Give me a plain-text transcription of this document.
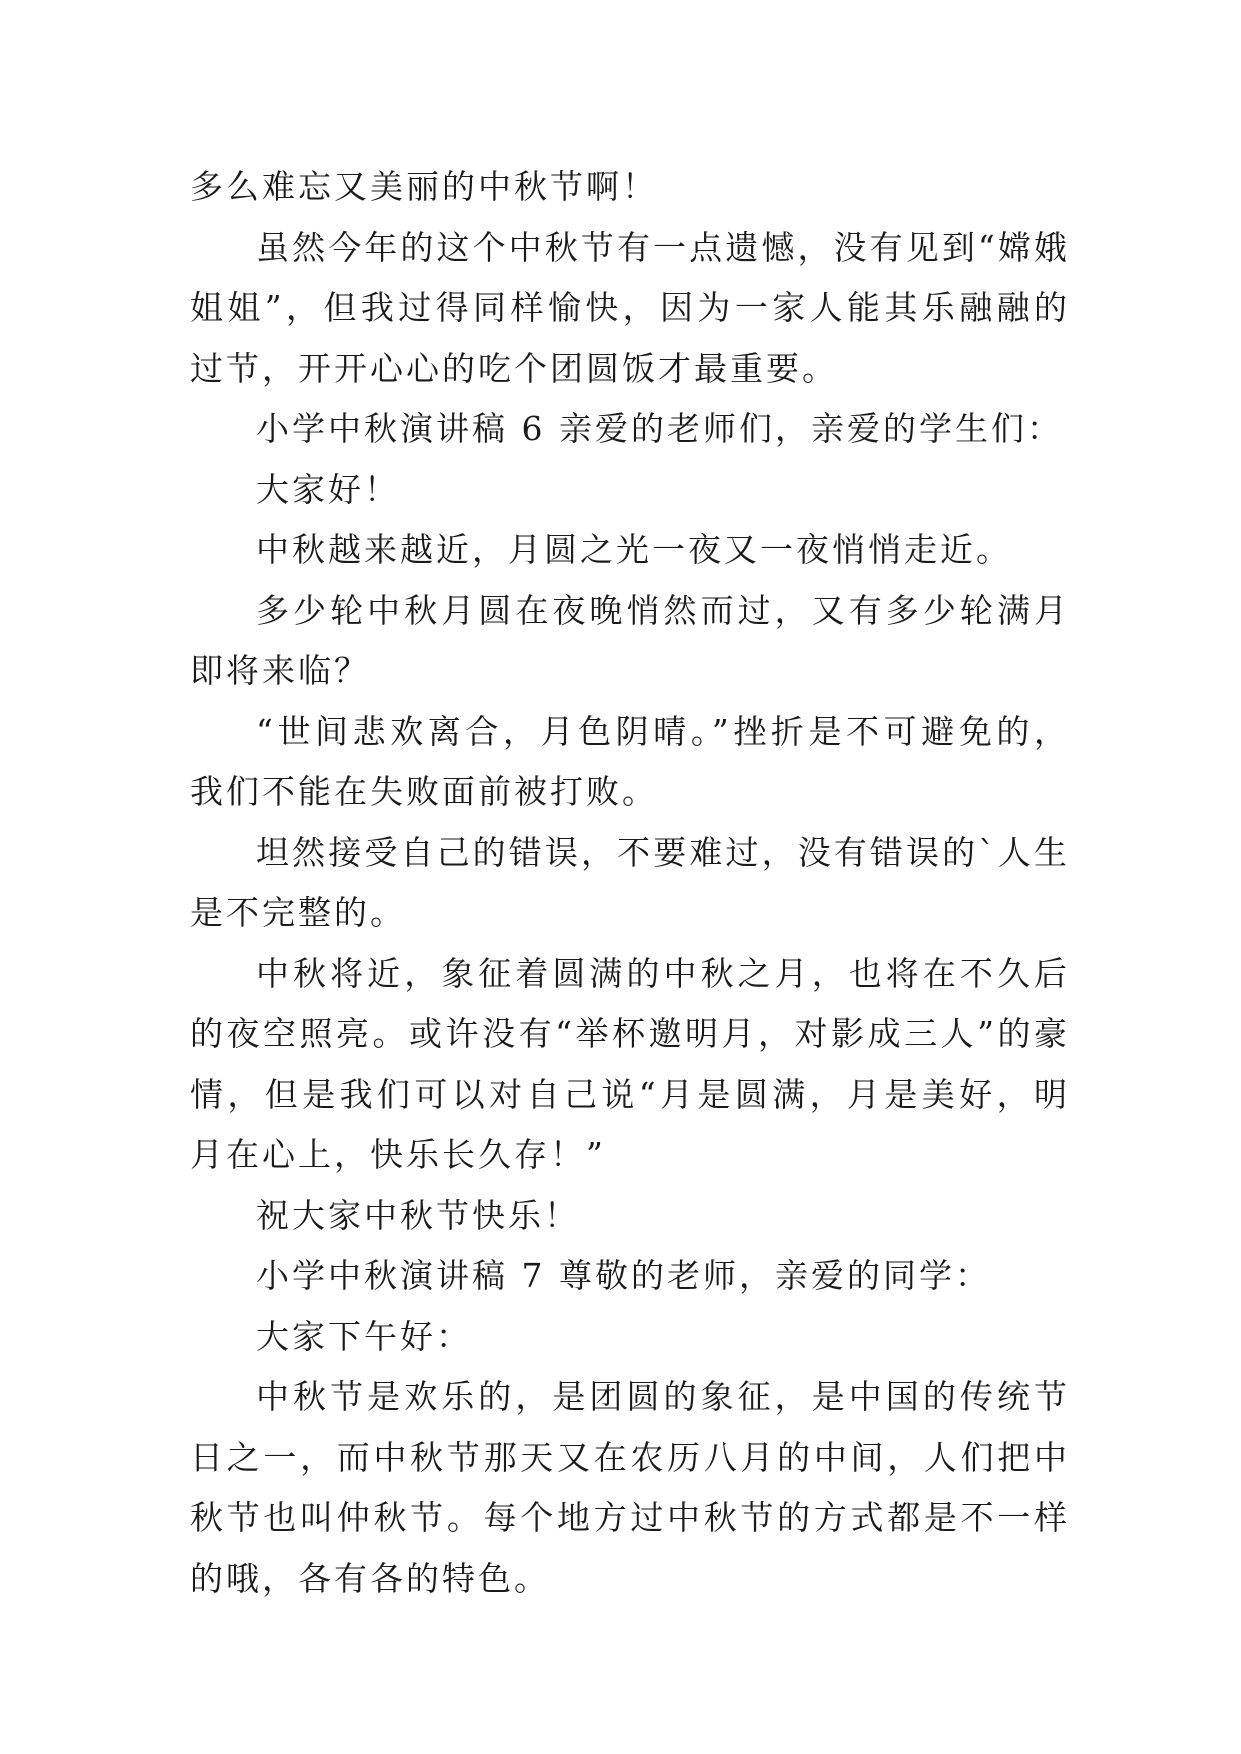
多么难忘又美丽的中秋节啊！

虽然今年的这个中秋节有一点遗憾，没有见到“嫦娥姐姐”，但我过得同样愉快，因为一家人能其乐融融的过节，开开心心的吃个团圆饭才最重要。

小学中秋演讲稿 6 亲爱的老师们，亲爱的学生们：

大家好！

中秋越来越近，月圆之光一夜又一夜悄悄走近。

多少轮中秋月圆在夜晚悄然而过，又有多少轮满月即将来临？

“世间悲欢离合，月色阴晴。”挫折是不可避免的，我们不能在失败面前被打败。

坦然接受自己的错误，不要难过，没有错误的`人生是不完整的。

中秋将近，象征着圆满的中秋之月，也将在不久后的夜空照亮。或许没有“举杯邀明月，对影成三人”的豪情，但是我们可以对自己说“月是圆满，月是美好，明月在心上，快乐长久存！”

祝大家中秋节快乐！

小学中秋演讲稿 7 尊敬的老师，亲爱的同学：

大家下午好：

中秋节是欢乐的，是团圆的象征，是中国的传统节日之一，而中秋节那天又在农历八月的中间，人们把中秋节也叫仲秋节。每个地方过中秋节的方式都是不一样的哦，各有各的特色。
